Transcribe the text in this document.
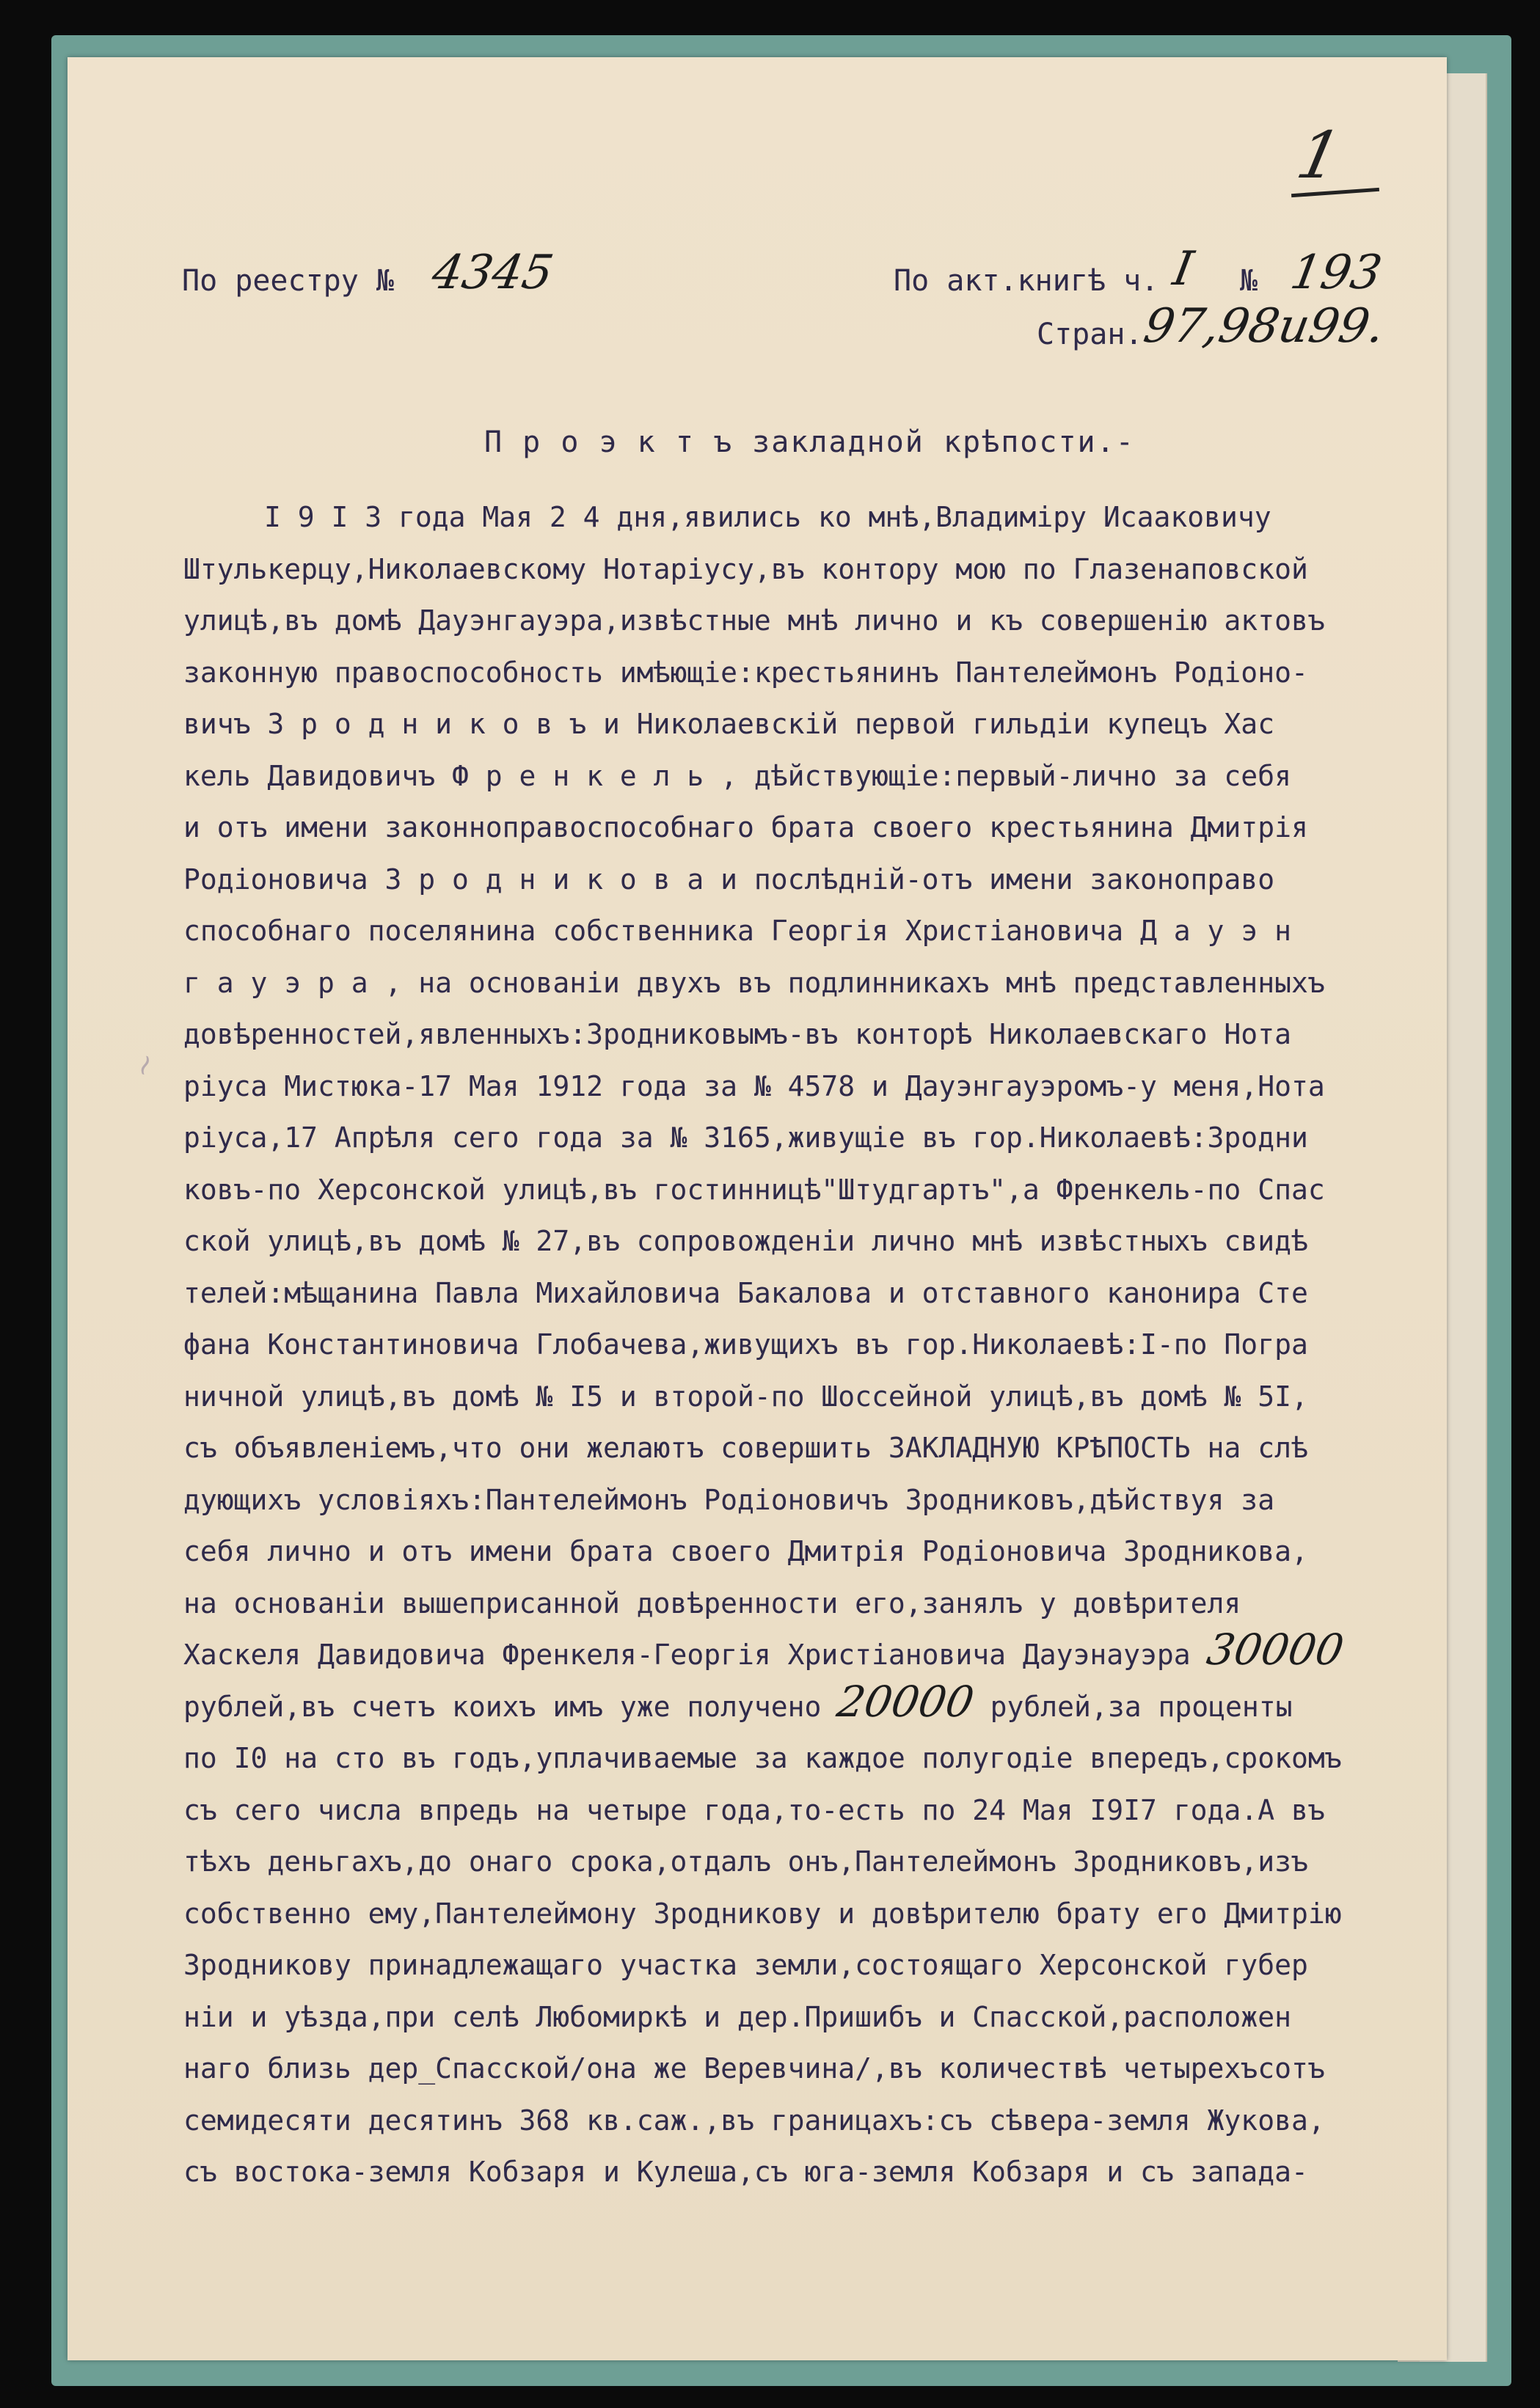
1
~
По реестру № 4345	По акт.книгѣ ч. I № 193
Стран.
97,98и99.
П р о э к т ъ закладной крѣпости.-
I 9 I 3 года Мая 2 4 дня,явились ко мнѣ,Владиміру Исааковичу
Штулькерцу,Николаевскому Нотаріусу,въ контору мою по Глазенаповской
улицѣ,въ домѣ Дауэнгауэра,извѣстные мнѣ лично и къ совершенію актовъ
законную правоспособность имѣющіе:крестьянинъ Пантелеймонъ Родіоно-
вичъ З р о д н и к о в ъ и Николаевскій первой гильдіи купецъ Хас
кель Давидовичъ Ф р е н к е л ь , дѣйствующіе:первый-лично за себя
и отъ имени законноправоспособнаго брата своего крестьянина Дмитрія
Родіоновича З р о д н и к о в а и послѣдній-отъ имени законоправо
способнаго поселянина собственника Георгія Христіановича Д а у э н
г а у э р а , на основаніи двухъ въ подлинникахъ мнѣ представленныхъ
довѣренностей,явленныхъ:Зродниковымъ-въ конторѣ Николаевскаго Нота
ріуса Мистюка-17 Мая 1912 года за № 4578 и Дауэнгауэромъ-у меня,Нота
ріуса,17 Апрѣля сего года за № 3165,живущіе въ гор.Николаевѣ:Зродни
ковъ-по Херсонской улицѣ,въ гостинницѣ"Штудгартъ",а Френкель-по Спас
ской улицѣ,въ домѣ № 27,въ сопровожденіи лично мнѣ извѣстныхъ свидѣ
телей:мѣщанина Павла Михайловича Бакалова и отставного канонира Сте
фана Константиновича Глобачева,живущихъ въ гор.Николаевѣ:I-по Погра
ничной улицѣ,въ домѣ № I5 и второй-по Шоссейной улицѣ,въ домѣ № 5I,
съ объявленіемъ,что они желаютъ совершить ЗАКЛАДНУЮ КРѢПОСТЬ на слѣ
дующихъ условіяхъ:Пантелеймонъ Родіоновичъ Зродниковъ,дѣйствуя за
себя лично и отъ имени брата своего Дмитрія Родіоновича Зродникова,
на основаніи вышеприсанной довѣренности его,занялъ у довѣрителя
Хаскеля Давидовича Френкеля-Георгія Христіановича Дауэнауэра 30000
рублей,въ счетъ коихъ имъ уже получено 20000 рублей,за проценты
по I0 на сто въ годъ,уплачиваемые за каждое полугодіе впередъ,срокомъ
съ сего числа впредь на четыре года,то-есть по 24 Мая I9I7 года.А въ
тѣхъ деньгахъ,до онаго срока,отдалъ онъ,Пантелеймонъ Зродниковъ,изъ
собственно ему,Пантелеймону Зродникову и довѣрителю брату его Дмитрію
Зродникову принадлежащаго участка земли,состоящаго Херсонской губер
ніи и уѣзда,при селѣ Любомиркѣ и дер.Пришибъ и Спасской,расположен
наго близь дер_Спасской/она же Веревчина/,въ количествѣ четырехъсотъ
семидесяти десятинъ 368 кв.саж.,въ границахъ:съ сѣвера-земля Жукова,
съ востока-земля Кобзаря и Кулеша,съ юга-земля Кобзаря и съ запада-
